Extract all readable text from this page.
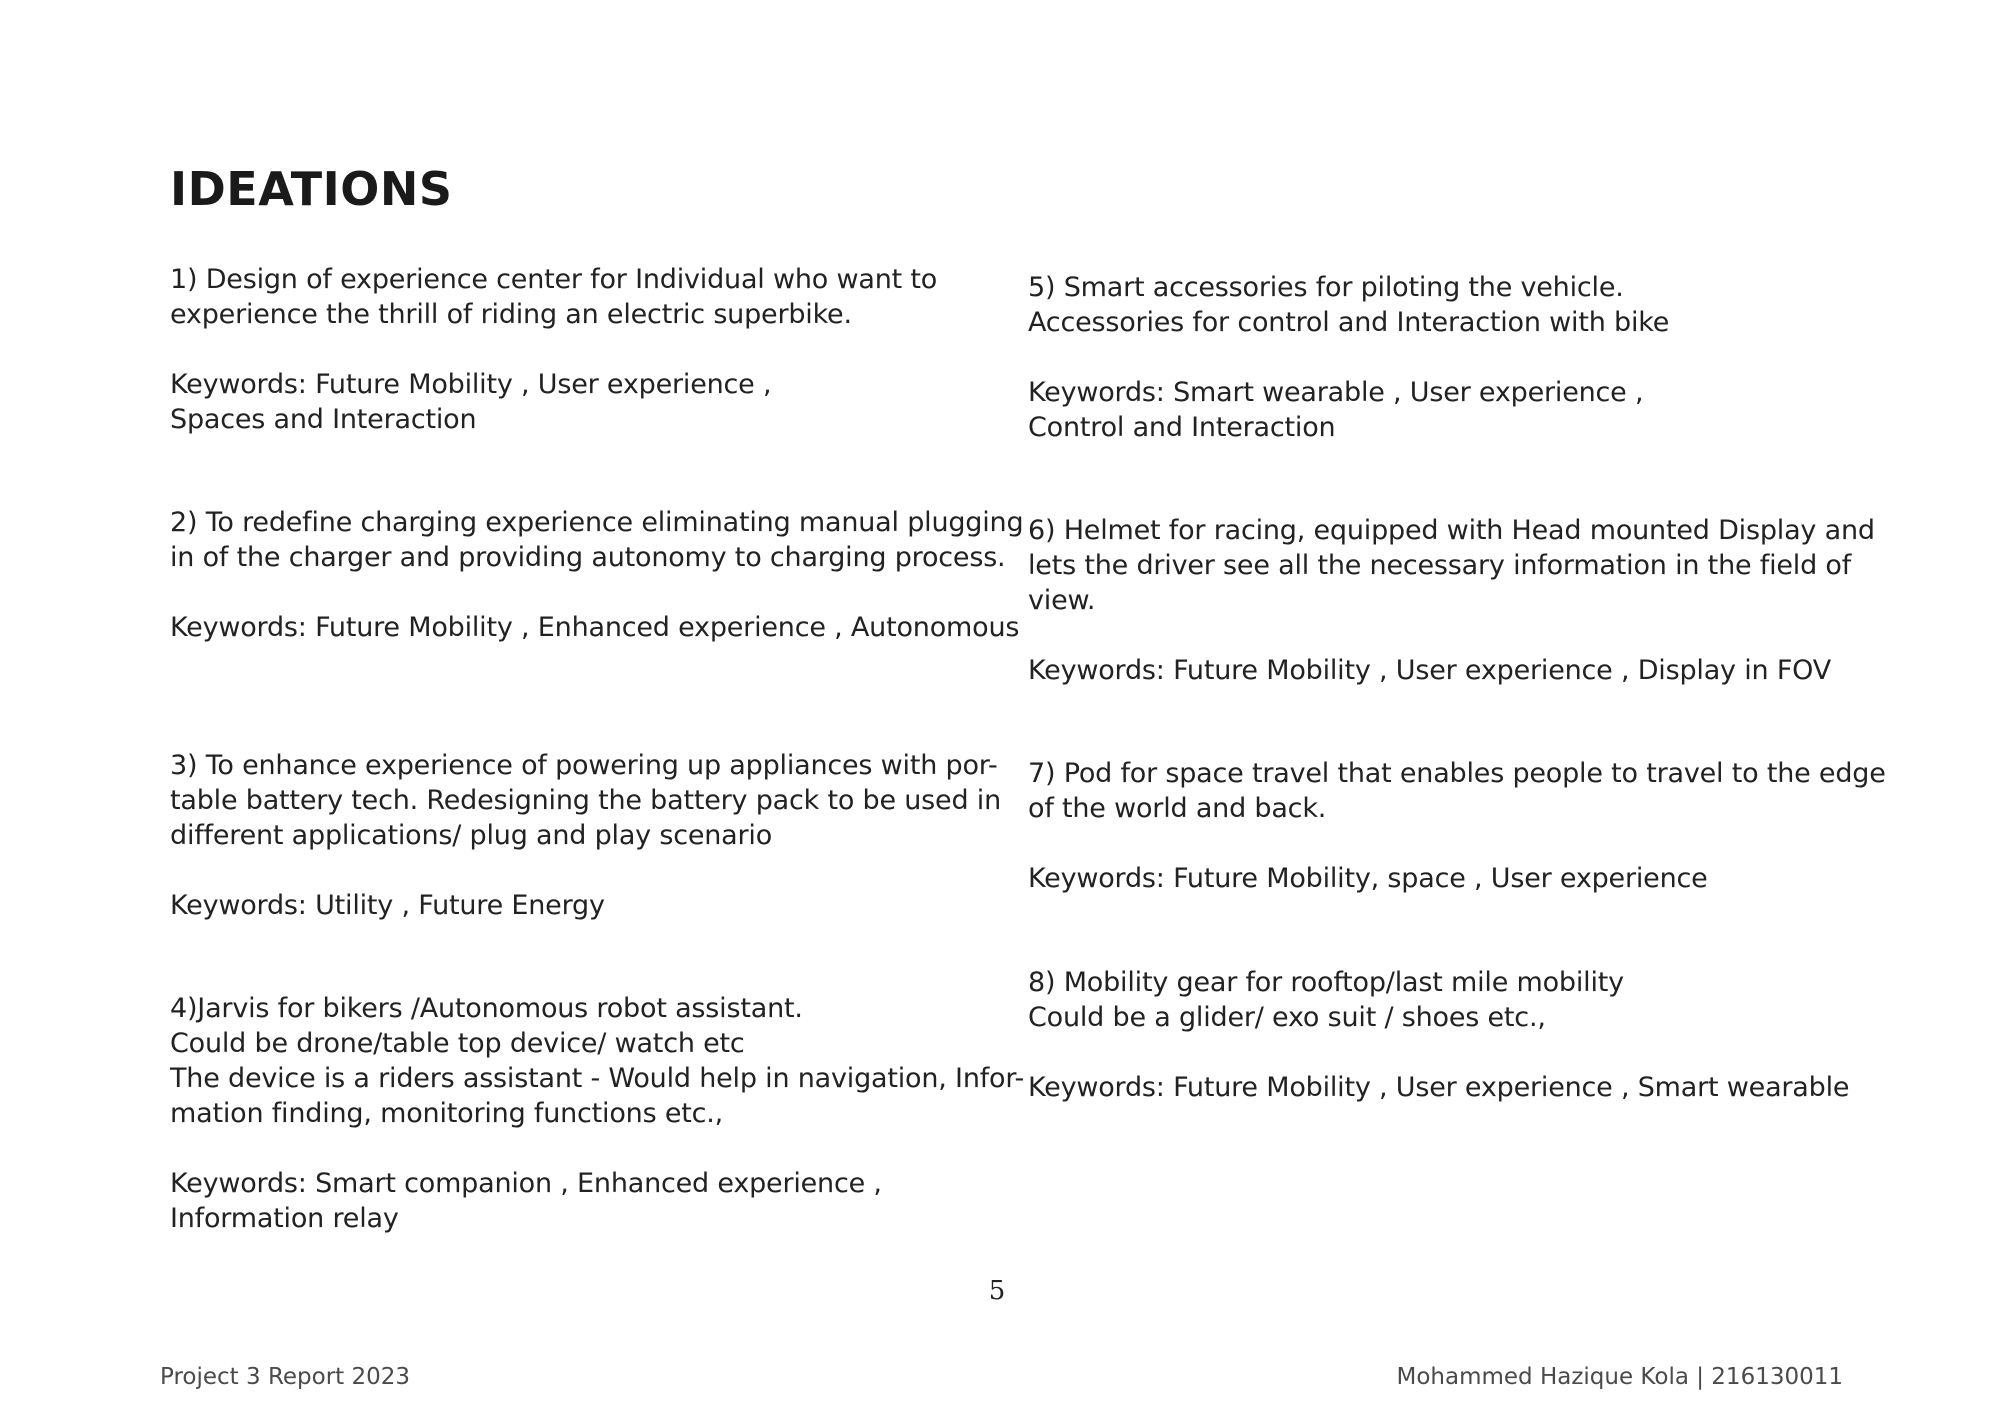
IDEATIONS
1) Design of experience center for Individual who want to
experience the thrill of riding an electric superbike.
Keywords: Future Mobility , User experience ,
Spaces and Interaction
2) To redefine charging experience eliminating manual plugging
in of the charger and providing autonomy to charging process.
Keywords: Future Mobility , Enhanced experience , Autonomous
3) To enhance experience of powering up appliances with por-
table battery tech. Redesigning the battery pack to be used in
different applications/ plug and play scenario
Keywords: Utility , Future Energy
4)Jarvis for bikers /Autonomous robot assistant.
Could be drone/table top device/ watch etc
The device is a riders assistant - Would help in navigation, Infor-
mation finding, monitoring functions etc.,
Keywords: Smart companion , Enhanced experience ,
Information relay
5) Smart accessories for piloting the vehicle.
Accessories for control and Interaction with bike
Keywords: Smart wearable , User experience ,
Control and Interaction
6) Helmet for racing, equipped with Head mounted Display and
lets the driver see all the necessary information in the field of
view.
Keywords: Future Mobility , User experience , Display in FOV
7) Pod for space travel that enables people to travel to the edge
of the world and back.
Keywords: Future Mobility, space , User experience
8) Mobility gear for rooftop/last mile mobility
Could be a glider/ exo suit / shoes etc.,
Keywords: Future Mobility , User experience , Smart wearable
5
Project 3 Report 2023	Mohammed Hazique Kola | 216130011
